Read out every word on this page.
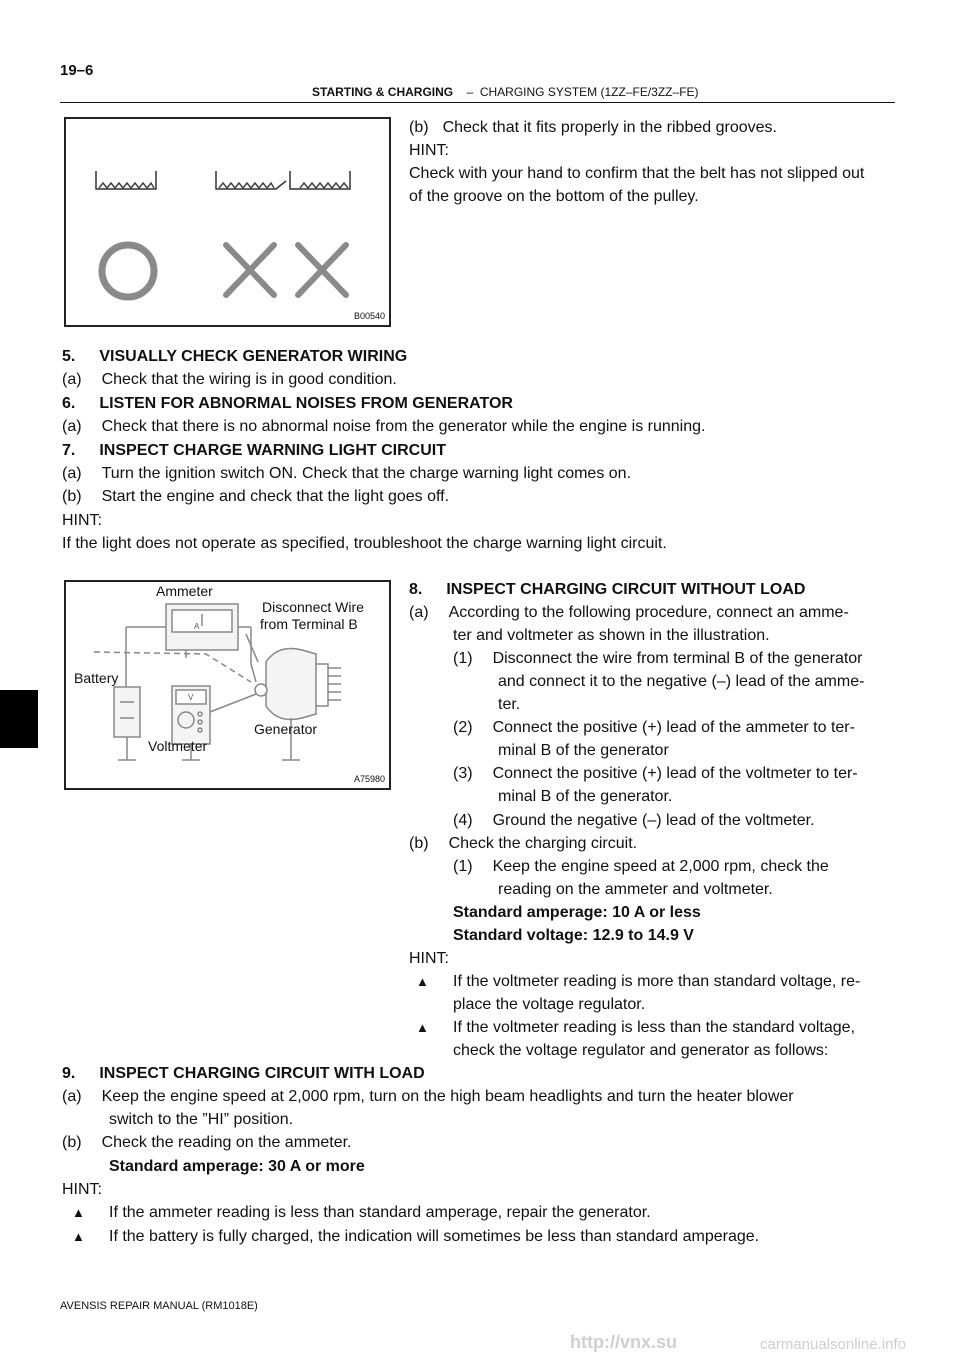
19–6
STARTING & CHARGING – CHARGING SYSTEM (1ZZ–FE/3ZZ–FE)
B00540
(b) Check that it fits properly in the ribbed grooves.
HINT:
Check with your hand to confirm that the belt has not slipped out
of the groove on the bottom of the pulley.
5. VISUALLY CHECK GENERATOR WIRING
(a) Check that the wiring is in good condition.
6. LISTEN FOR ABNORMAL NOISES FROM GENERATOR
(a) Check that there is no abnormal noise from the generator while the engine is running.
7. INSPECT CHARGE WARNING LIGHT CIRCUIT
(a) Turn the ignition switch ON. Check that the charge warning light comes on.
(b) Start the engine and check that the light goes off.
HINT:
If the light does not operate as specified, troubleshoot the charge warning light circuit.
A
V
Ammeter
Disconnect Wire
from Terminal B
Battery
Generator
Voltmeter
A75980
8. INSPECT CHARGING CIRCUIT WITHOUT LOAD
(a) According to the following procedure, connect an amme-
ter and voltmeter as shown in the illustration.
(1) Disconnect the wire from terminal B of the generator
and connect it to the negative (–) lead of the amme-
ter.
(2) Connect the positive (+) lead of the ammeter to ter-
minal B of the generator
(3) Connect the positive (+) lead of the voltmeter to ter-
minal B of the generator.
(4) Ground the negative (–) lead of the voltmeter.
(b) Check the charging circuit.
(1) Keep the engine speed at 2,000 rpm, check the
reading on the ammeter and voltmeter.
Standard amperage: 10 A or less
Standard voltage: 12.9 to 14.9 V
HINT:
▲ If the voltmeter reading is more than standard voltage, re-
place the voltage regulator.
▲ If the voltmeter reading is less than the standard voltage,
check the voltage regulator and generator as follows:
9. INSPECT CHARGING CIRCUIT WITH LOAD
(a) Keep the engine speed at 2,000 rpm, turn on the high beam headlights and turn the heater blower
switch to the ”HI” position.
(b) Check the reading on the ammeter.
Standard amperage: 30 A or more
HINT:
▲ If the ammeter reading is less than standard amperage, repair the generator.
▲ If the battery is fully charged, the indication will sometimes be less than standard amperage.
AVENSIS REPAIR MANUAL (RM1018E)
http://vnx.su	carmanualsonline.info
